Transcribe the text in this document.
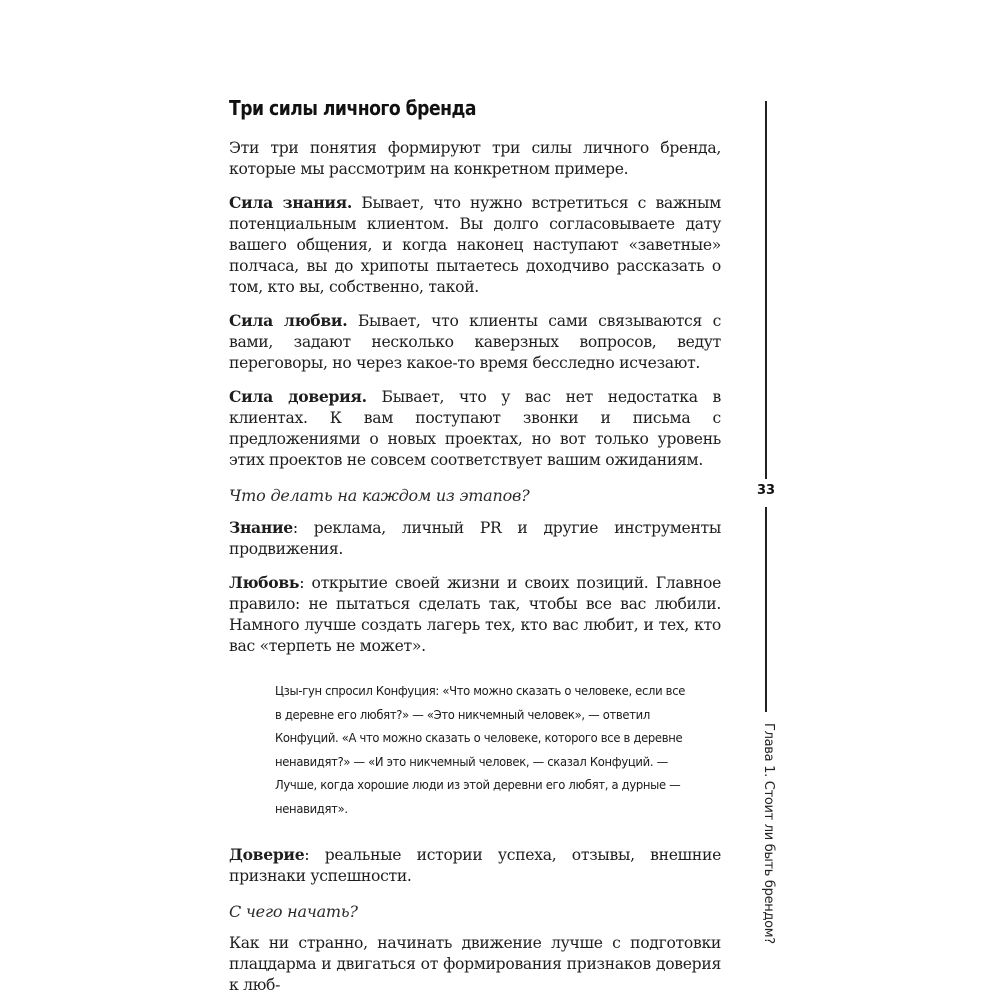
Три силы личного бренда

Эти три понятия формируют три силы личного бренда, которые мы рассмотрим на конкретном примере.

Сила знания. Бывает, что нужно встретиться с важным потенциальным клиентом. Вы долго согласовываете дату вашего общения, и когда наконец наступают «заветные» полчаса, вы до хрипоты пытаетесь доходчиво рассказать о том, кто вы, собственно, такой.

Сила любви. Бывает, что клиенты сами связываются с вами, задают несколько каверзных вопросов, ведут переговоры, но через какое-то время бесследно исчезают.

Сила доверия. Бывает, что у вас нет недостатка в клиентах. К вам поступают звонки и письма с предложениями о новых проектах, но вот только уровень этих проектов не совсем соответствует вашим ожиданиям.

Что делать на каждом из этапов?

Знание: реклама, личный PR и другие инструменты продвижения.

Любовь: открытие своей жизни и своих позиций. Главное правило: не пытаться сделать так, чтобы все вас любили. Намного лучше создать лагерь тех, кто вас любит, и тех, кто вас «терпеть не может».

Цзы-гун спросил Конфуция: «Что можно сказать о человеке, если все в деревне его любят?» — «Это никчемный человек», — ответил Конфуций. «А что можно сказать о человеке, которого все в деревне ненавидят?» — «И это никчемный человек, — сказал Конфуций. — Лучше, когда хорошие люди из этой деревни его любят, а дурные — ненавидят».

Доверие: реальные истории успеха, отзывы, внешние признаки успешности.

С чего начать?

Как ни странно, начинать движение лучше с подготовки плацдарма и двигаться от формирования признаков доверия к люб-

33
Глава 1. Стоит ли быть брендом?
